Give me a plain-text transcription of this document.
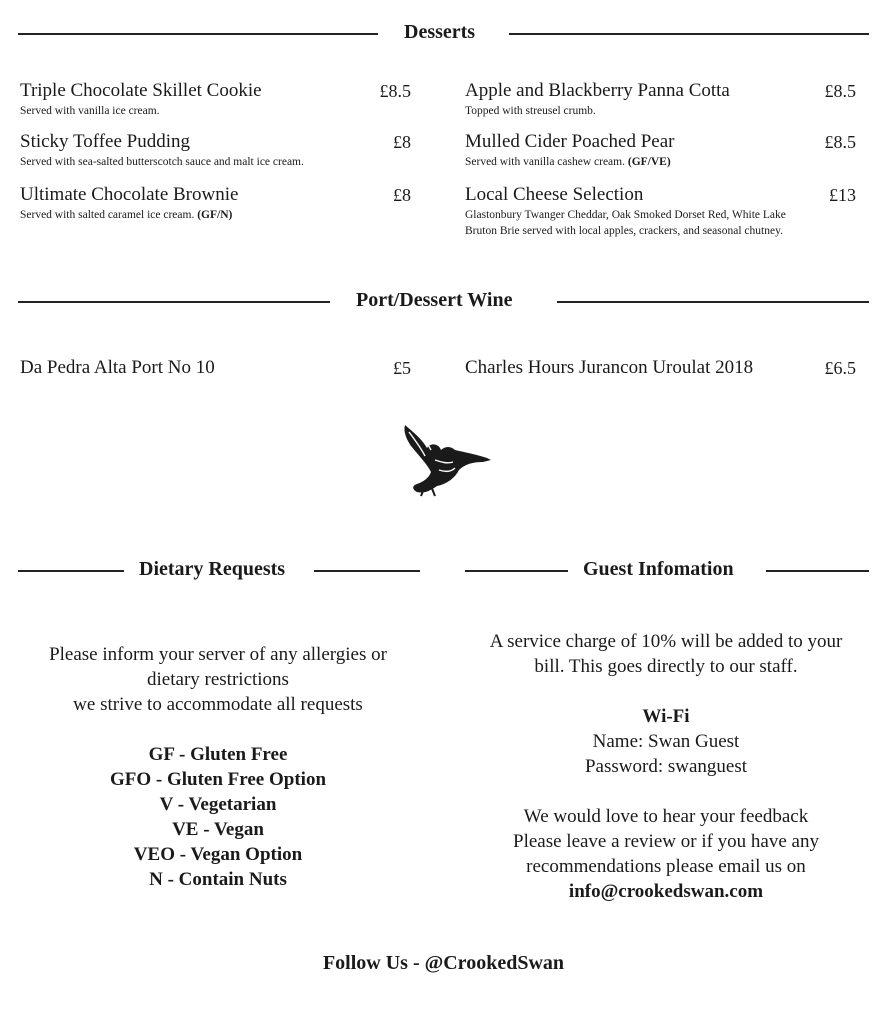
Desserts
Triple Chocolate Skillet Cookie	£8.5
Served with vanilla ice cream.
Sticky Toffee Pudding	£8
Served with sea-salted butterscotch sauce and malt ice cream.
Ultimate Chocolate Brownie	£8
Served with salted caramel ice cream. (GF/N)
Apple and Blackberry Panna Cotta	£8.5
Topped with streusel crumb.
Mulled Cider Poached Pear	£8.5
Served with vanilla cashew cream. (GF/VE)
Local Cheese Selection	£13
Glastonbury Twanger Cheddar, Oak Smoked Dorset Red, White Lake
Bruton Brie served with local apples, crackers, and seasonal chutney.
Port/Dessert Wine
Da Pedra Alta Port No 10	£5	Charles Hours Jurancon Uroulat 2018	£6.5
Dietary Requests	Guest Infomation
Please inform your server of any allergies or
dietary restrictions
we strive to accommodate all requests
GF - Gluten Free
GFO - Gluten Free Option
V - Vegetarian
VE - Vegan
VEO - Vegan Option
N - Contain Nuts
A service charge of 10% will be added to your
bill. This goes directly to our staff.
Wi-Fi
Name: Swan Guest
Password: swanguest
We would love to hear your feedback
Please leave a review or if you have any
recommendations please email us on
info@crookedswan.com
Follow Us - @CrookedSwan
